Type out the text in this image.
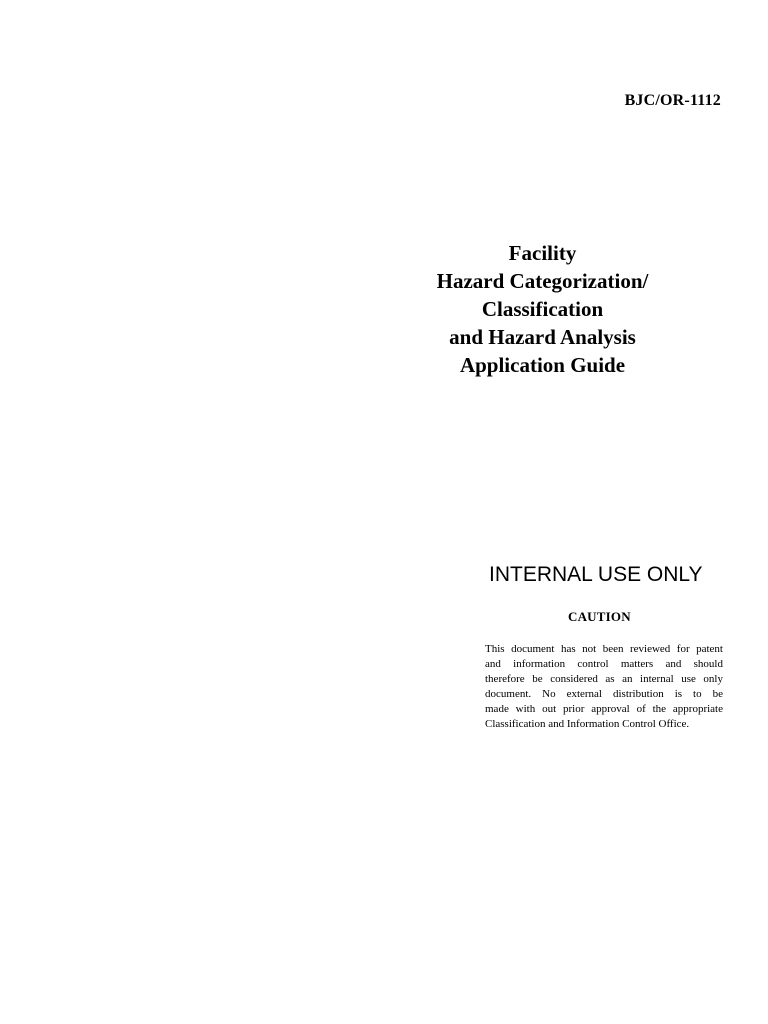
BJC/OR-1112
Facility
Hazard Categorization/
Classification
and Hazard Analysis
Application Guide
INTERNAL USE ONLY
CAUTION
This document has not been reviewed for patent
and information control matters and should
therefore be considered as an internal use only
document. No external distribution is to be
made with out prior approval of the appropriate
Classification and Information Control Office.
